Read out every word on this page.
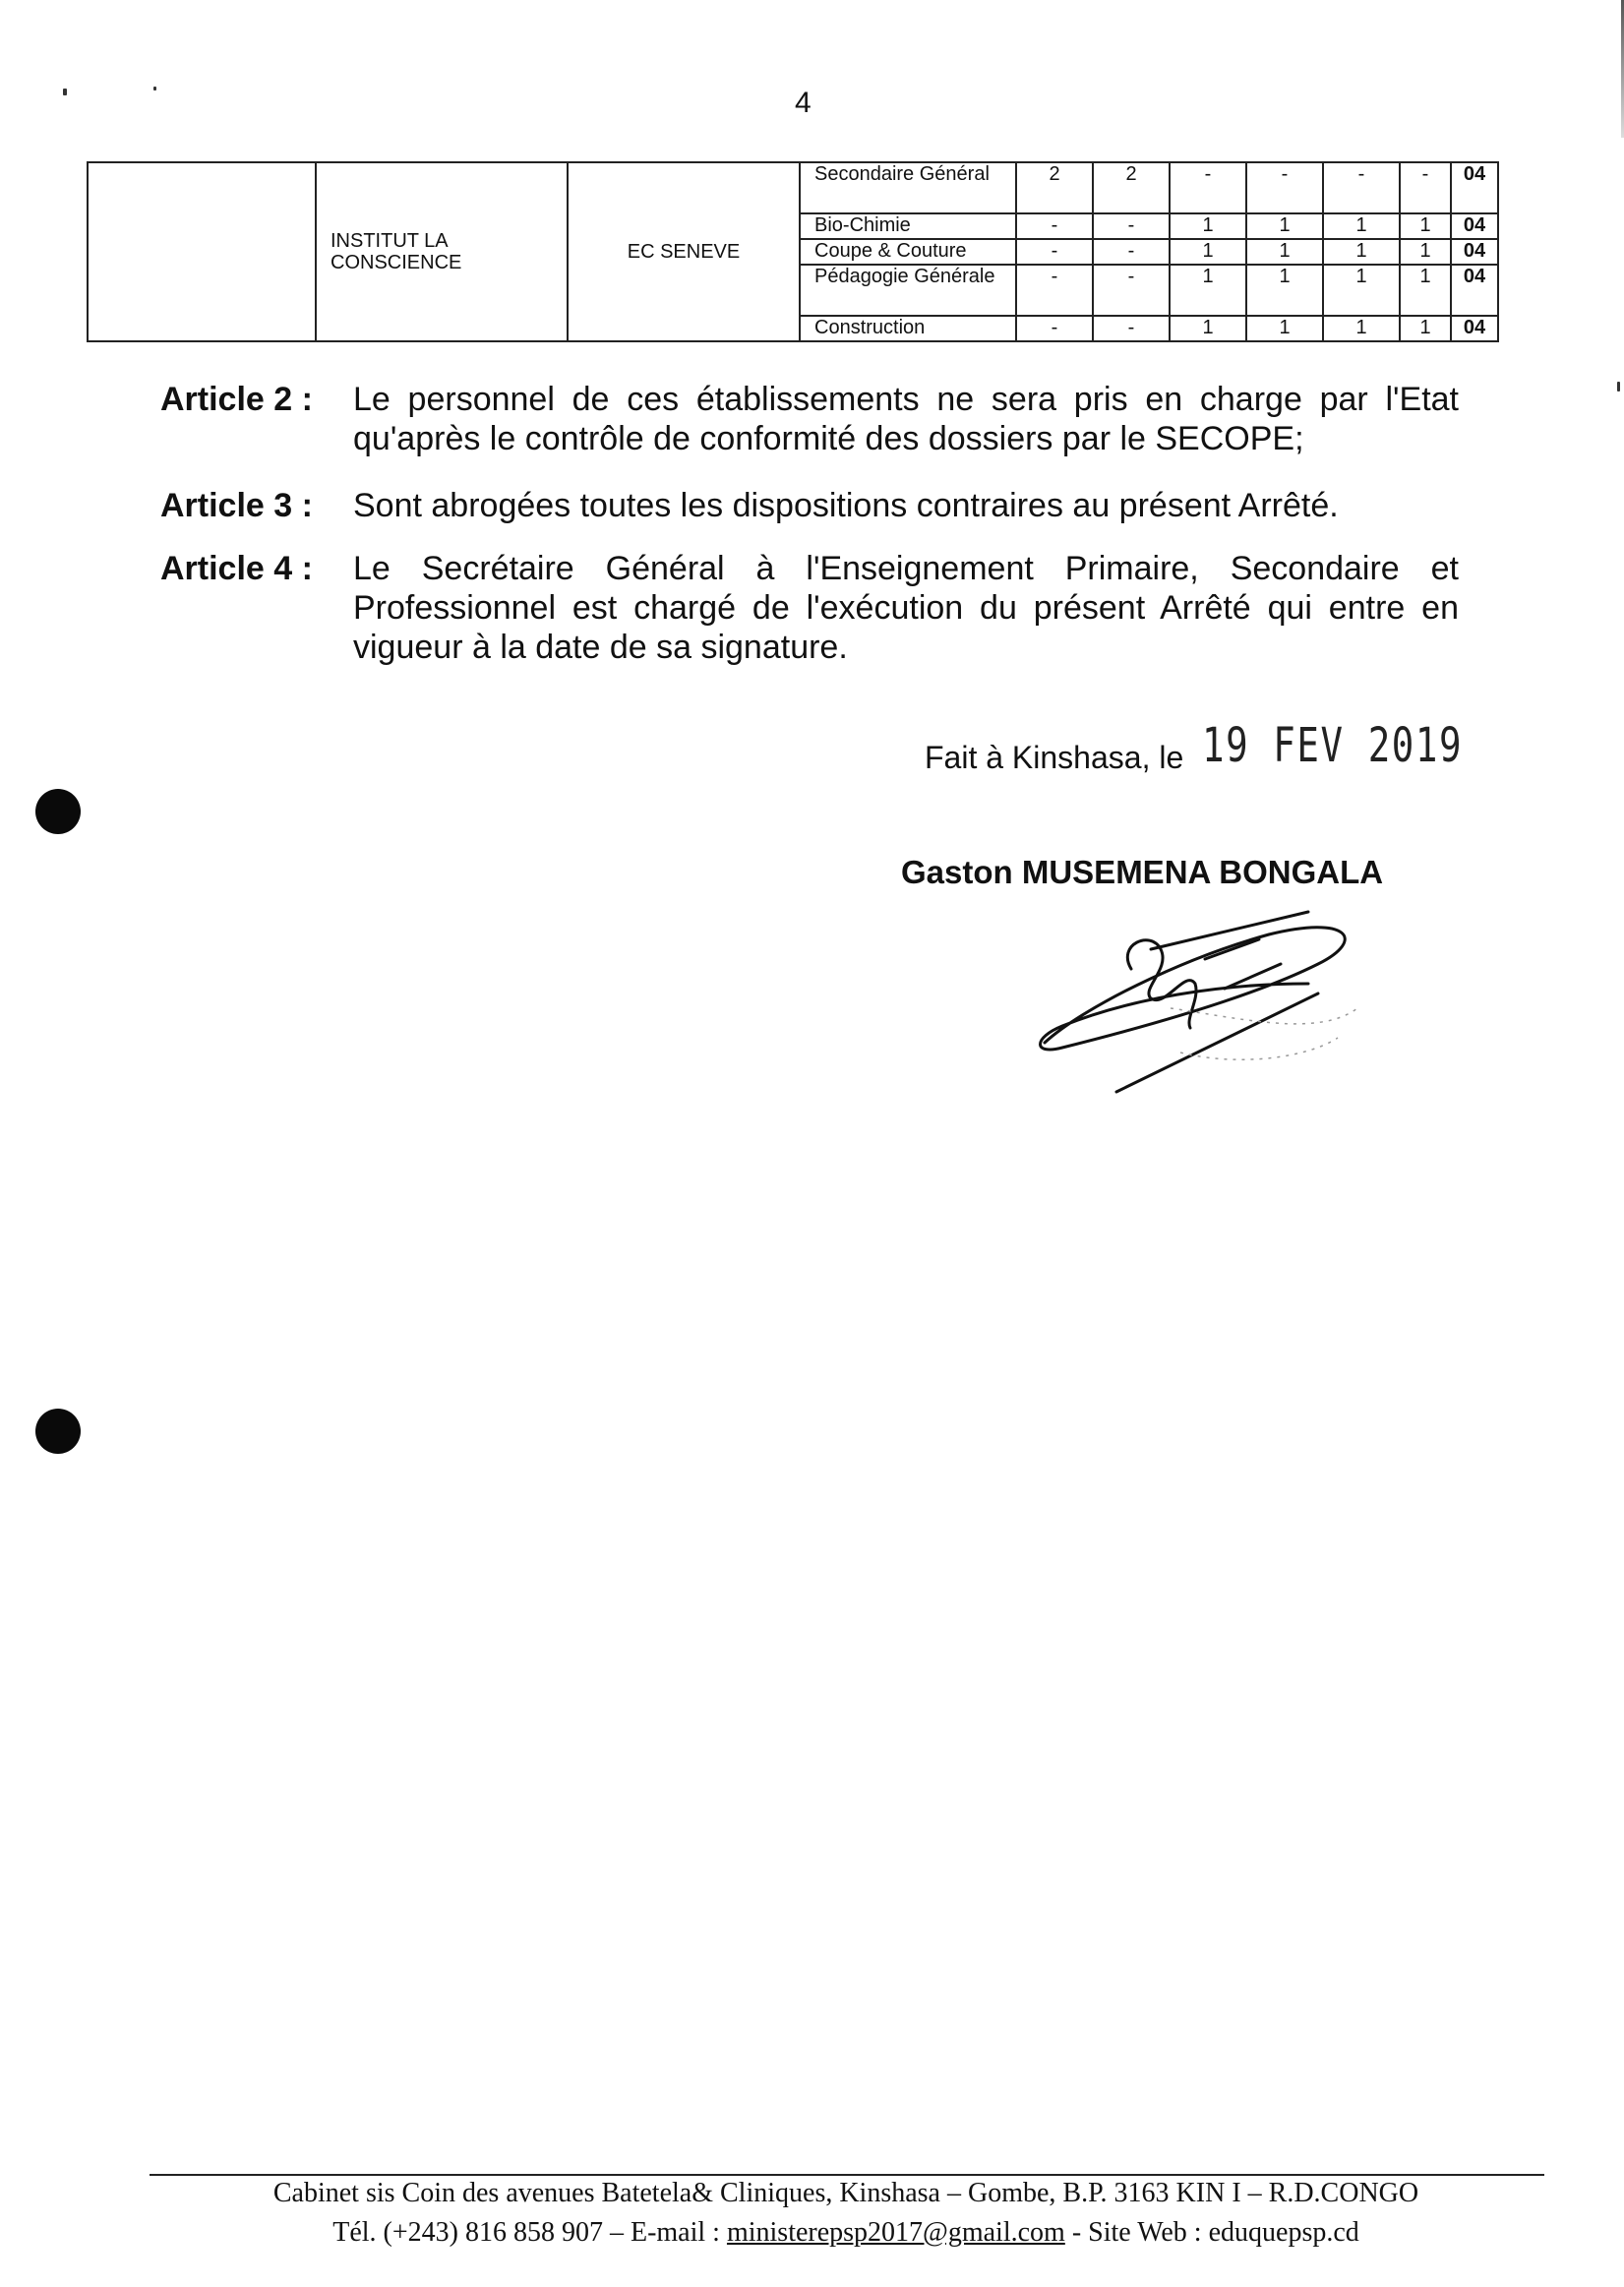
4
	INSTITUT LA CONSCIENCE	EC SENEVE	Secondaire Général	2	2	-	-	-	-	04
			Bio-Chimie	-	-	1	1	1	1	04
			Coupe & Couture	-	-	1	1	1	1	04
			Pédagogie Générale	-	-	1	1	1	1	04
			Construction	-	-	1	1	1	1	04
Article 2 : Le personnel de ces établissements ne sera pris en charge par l'Etat qu'après le contrôle de conformité des dossiers par le SECOPE;
Article 3 : Sont abrogées toutes les dispositions contraires au présent Arrêté.
Article 4 : Le Secrétaire Général à l'Enseignement Primaire, Secondaire et Professionnel est chargé de l'exécution du présent Arrêté qui entre en vigueur à la date de sa signature.
Fait à Kinshasa, le 19 FEV 2019
Gaston MUSEMENA BONGALA
Cabinet sis Coin des avenues Batetela& Cliniques, Kinshasa – Gombe, B.P. 3163 KIN I – R.D.CONGO
Tél. (+243) 816 858 907 – E-mail : ministerepsp2017@gmail.com - Site Web : eduquepsp.cd
